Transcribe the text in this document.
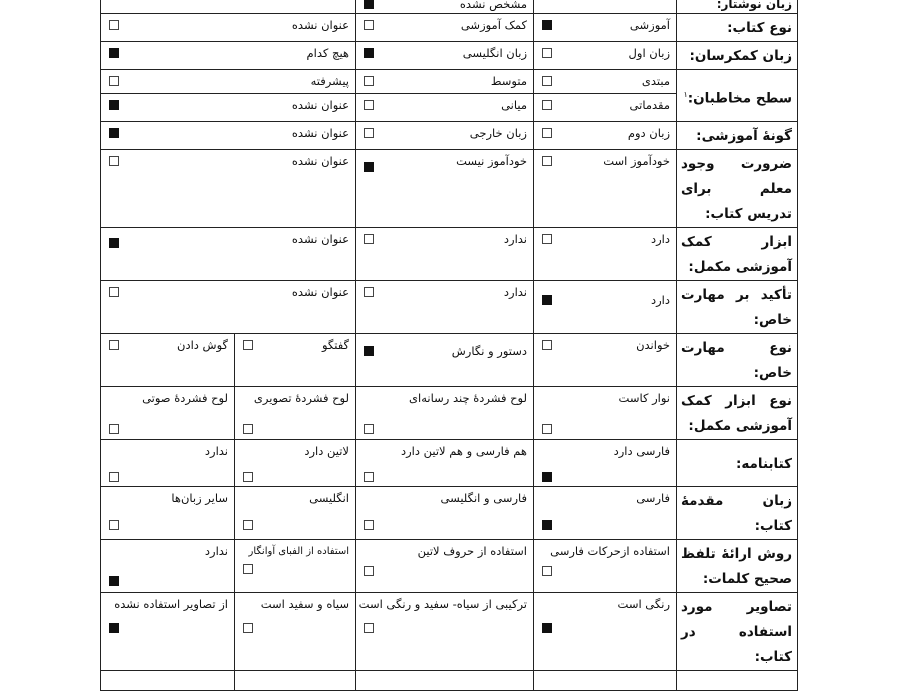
زبان نوشتار:		مشخص نشده		

نوع کتاب:	آموزشی	کمک آموزشی	عنوان نشده	

زبان کمکرسان:	زبان اول	زبان انگلیسی	هیچ کدام	

سطح مخاطبان:$^۱$	مبتدی	متوسط	پیشرفته	

	مقدماتی	میانی	عنوان نشده	

گونۀ آموزشی:	زبان دوم	زبان خارجی	عنوان نشده	

ضرورت وجود معلم برای تدریس کتاب:	خودآموز است	خودآموز نیست	عنوان نشده	

ابزار کمک آموزشی مکمل:	دارد	ندارد	عنوان نشده	

تأکید بر مهارت خاص:	دارد	ندارد	عنوان نشده	

نوع مهارت خاص:	خواندن	دستور و نگارش	گفتگو	گوش دادن

نوع ابزار کمک آموزشی مکمل:	نوار کاست	لوح فشردۀ چند رسانه‌ای	لوح فشردۀ تصویری	لوح فشردۀ صوتی

کتابنامه:	فارسی دارد	هم فارسی و هم لاتین دارد	لاتین دارد	ندارد

زبان مقدمۀ کتاب:	فارسی	فارسی و انگلیسی	انگلیسی	سایر زبان‌ها

روش ارائۀ تلفظ صحیح کلمات:	استفاده ازحرکات فارسی	استفاده از حروف لاتین	استفاده از الفبای آوانگار	ندارد

تصاویر مورد استفاده در کتاب:	رنگی است	ترکیبی از سیاه- سفید و رنگی است	سیاه و سفید است	از تصاویر استفاده نشده
